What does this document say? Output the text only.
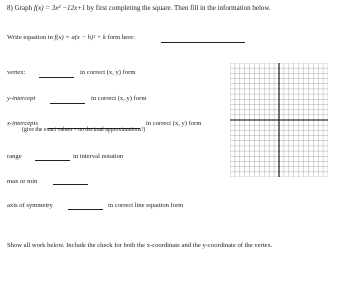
8) Graph f(x) = 3x² −12x+1 by first completing the square. Then fill in the information below.
Write equation in f(x) = a(x − h)² + k form here:
vertex:	in correct (x, y) form
y-intercept	in correct (x, y) form
x-intercepts	in correct (x, y) form
(give the exact values – no decimal approximations!)
range	in interval notation
max or min
axis of symmetry	in correct line equation form
Show all work below. Include the check for both the x-coordinate and the y-coordinate of the vertex.
